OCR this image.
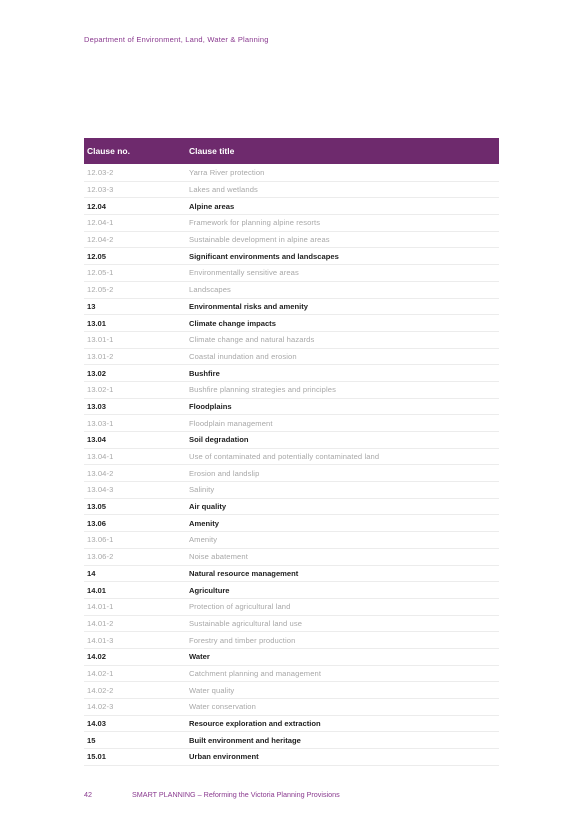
Department of Environment, Land, Water & Planning
Clause no.	Clause title
12.03-2	Yarra River protection
12.03-3	Lakes and wetlands
12.04	Alpine areas
12.04-1	Framework for planning alpine resorts
12.04-2	Sustainable development in alpine areas
12.05	Significant environments and landscapes
12.05-1	Environmentally sensitive areas
12.05-2	Landscapes
13	Environmental risks and amenity
13.01	Climate change impacts
13.01-1	Climate change and natural hazards
13.01-2	Coastal inundation and erosion
13.02	Bushfire
13.02-1	Bushfire planning strategies and principles
13.03	Floodplains
13.03-1	Floodplain management
13.04	Soil degradation
13.04-1	Use of contaminated and potentially contaminated land
13.04-2	Erosion and landslip
13.04-3	Salinity
13.05	Air quality
13.06	Amenity
13.06-1	Amenity
13.06-2	Noise abatement
14	Natural resource management
14.01	Agriculture
14.01-1	Protection of agricultural land
14.01-2	Sustainable agricultural land use
14.01-3	Forestry and timber production
14.02	Water
14.02-1	Catchment planning and management
14.02-2	Water quality
14.02-3	Water conservation
14.03	Resource exploration and extraction
15	Built environment and heritage
15.01	Urban environment
42	SMART PLANNING – Reforming the Victoria Planning Provisions
